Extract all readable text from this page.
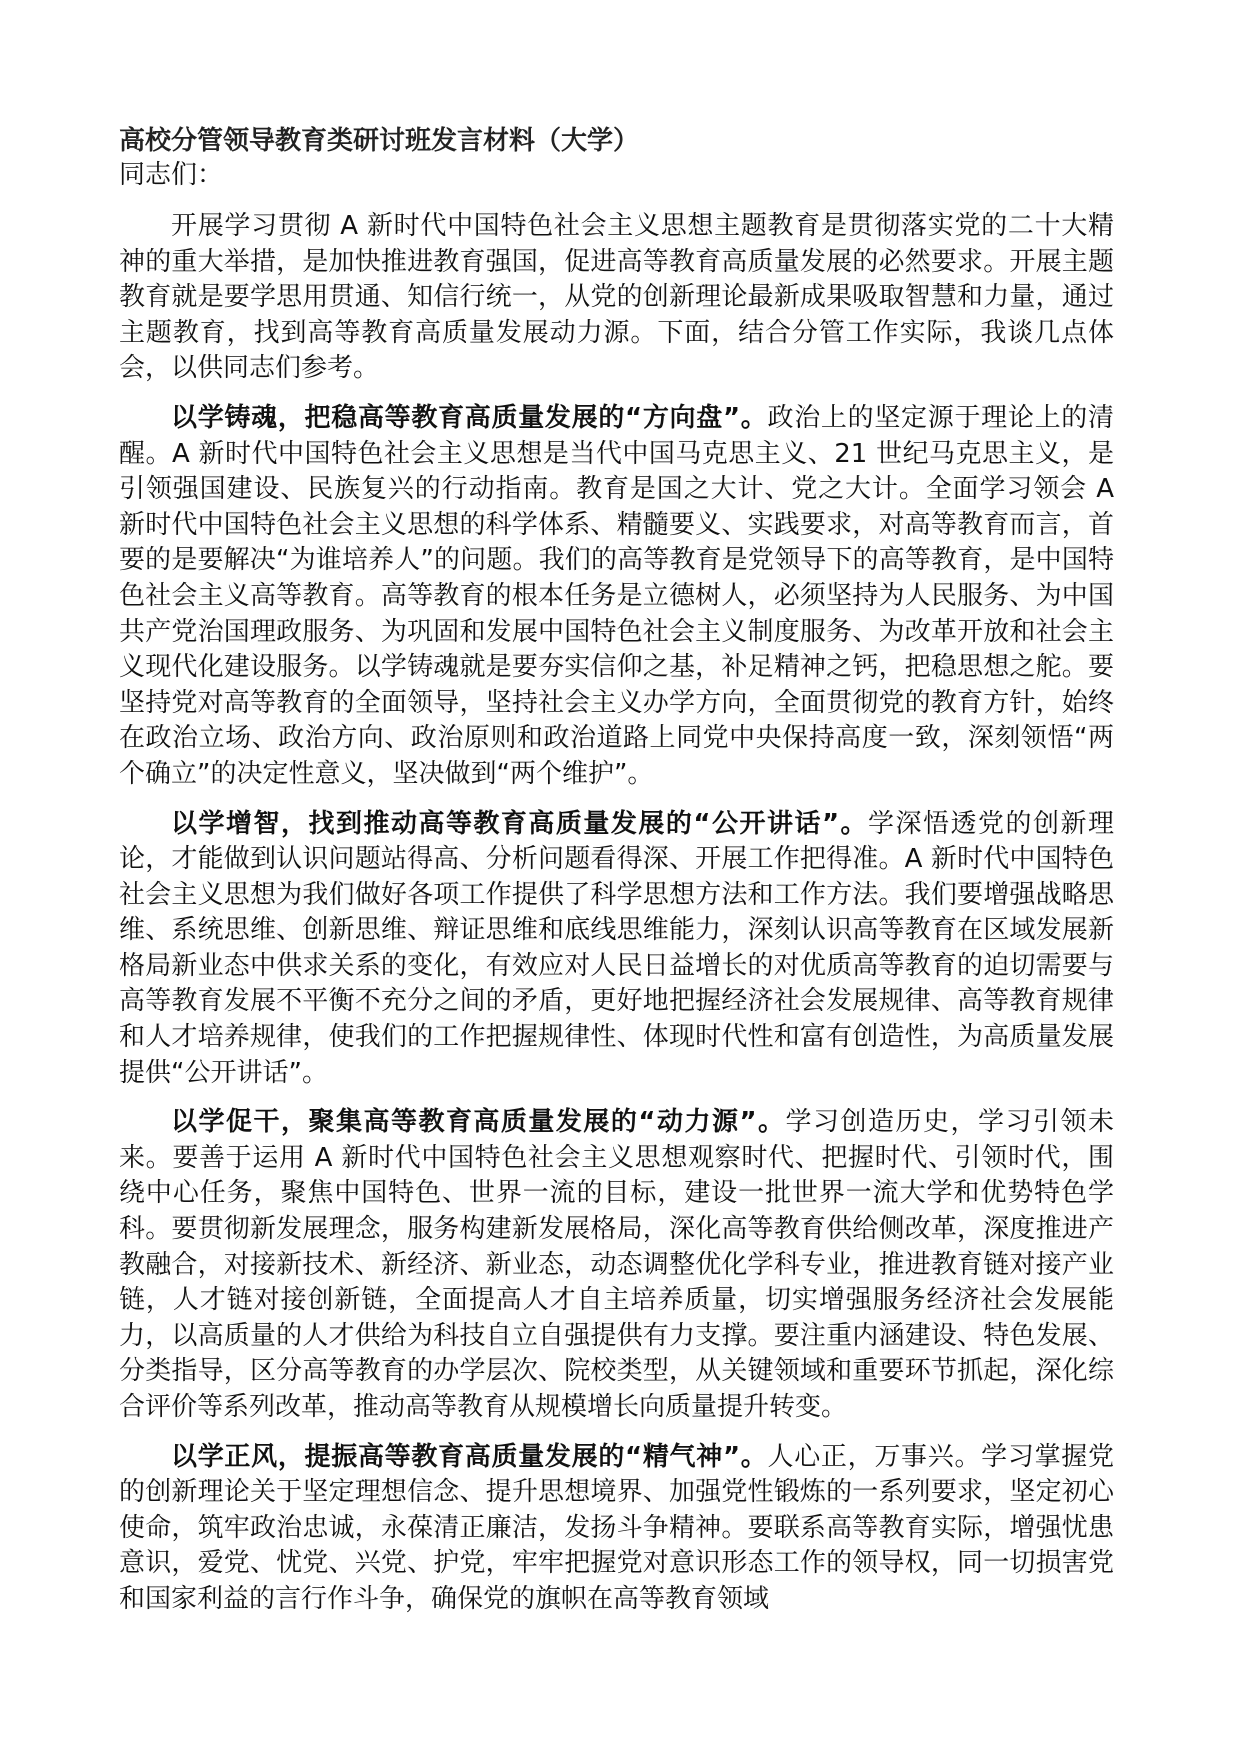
高校分管领导教育类研讨班发言材料（大学）
同志们：

开展学习贯彻 A 新时代中国特色社会主义思想主题教育是贯彻落实党的二十大精神的重大举措，是加快推进教育强国，促进高等教育高质量发展的必然要求。开展主题教育就是要学思用贯通、知信行统一，从党的创新理论最新成果吸取智慧和力量，通过主题教育，找到高等教育高质量发展动力源。下面，结合分管工作实际，我谈几点体会，以供同志们参考。

以学铸魂，把稳高等教育高质量发展的“方向盘”。政治上的坚定源于理论上的清醒。A 新时代中国特色社会主义思想是当代中国马克思主义、21 世纪马克思主义，是引领强国建设、民族复兴的行动指南。教育是国之大计、党之大计。全面学习领会 A 新时代中国特色社会主义思想的科学体系、精髓要义、实践要求，对高等教育而言，首要的是要解决“为谁培养人”的问题。我们的高等教育是党领导下的高等教育，是中国特色社会主义高等教育。高等教育的根本任务是立德树人，必须坚持为人民服务、为中国共产党治国理政服务、为巩固和发展中国特色社会主义制度服务、为改革开放和社会主义现代化建设服务。以学铸魂就是要夯实信仰之基，补足精神之钙，把稳思想之舵。要坚持党对高等教育的全面领导，坚持社会主义办学方向，全面贯彻党的教育方针，始终在政治立场、政治方向、政治原则和政治道路上同党中央保持高度一致，深刻领悟“两个确立”的决定性意义，坚决做到“两个维护”。

以学增智，找到推动高等教育高质量发展的“公开讲话”。学深悟透党的创新理论，才能做到认识问题站得高、分析问题看得深、开展工作把得准。A 新时代中国特色社会主义思想为我们做好各项工作提供了科学思想方法和工作方法。我们要增强战略思维、系统思维、创新思维、辩证思维和底线思维能力，深刻认识高等教育在区域发展新格局新业态中供求关系的变化，有效应对人民日益增长的对优质高等教育的迫切需要与高等教育发展不平衡不充分之间的矛盾，更好地把握经济社会发展规律、高等教育规律和人才培养规律，使我们的工作把握规律性、体现时代性和富有创造性，为高质量发展提供“公开讲话”。

以学促干，聚集高等教育高质量发展的“动力源”。学习创造历史，学习引领未来。要善于运用 A 新时代中国特色社会主义思想观察时代、把握时代、引领时代，围绕中心任务，聚焦中国特色、世界一流的目标，建设一批世界一流大学和优势特色学科。要贯彻新发展理念，服务构建新发展格局，深化高等教育供给侧改革，深度推进产教融合，对接新技术、新经济、新业态，动态调整优化学科专业，推进教育链对接产业链，人才链对接创新链，全面提高人才自主培养质量，切实增强服务经济社会发展能力，以高质量的人才供给为科技自立自强提供有力支撑。要注重内涵建设、特色发展、分类指导，区分高等教育的办学层次、院校类型，从关键领域和重要环节抓起，深化综合评价等系列改革，推动高等教育从规模增长向质量提升转变。

以学正风，提振高等教育高质量发展的“精气神”。人心正，万事兴。学习掌握党的创新理论关于坚定理想信念、提升思想境界、加强党性锻炼的一系列要求，坚定初心使命，筑牢政治忠诚，永葆清正廉洁，发扬斗争精神。要联系高等教育实际，增强忧患意识，爱党、忧党、兴党、护党，牢牢把握党对意识形态工作的领导权，同一切损害党和国家利益的言行作斗争，确保党的旗帜在高等教育领域
